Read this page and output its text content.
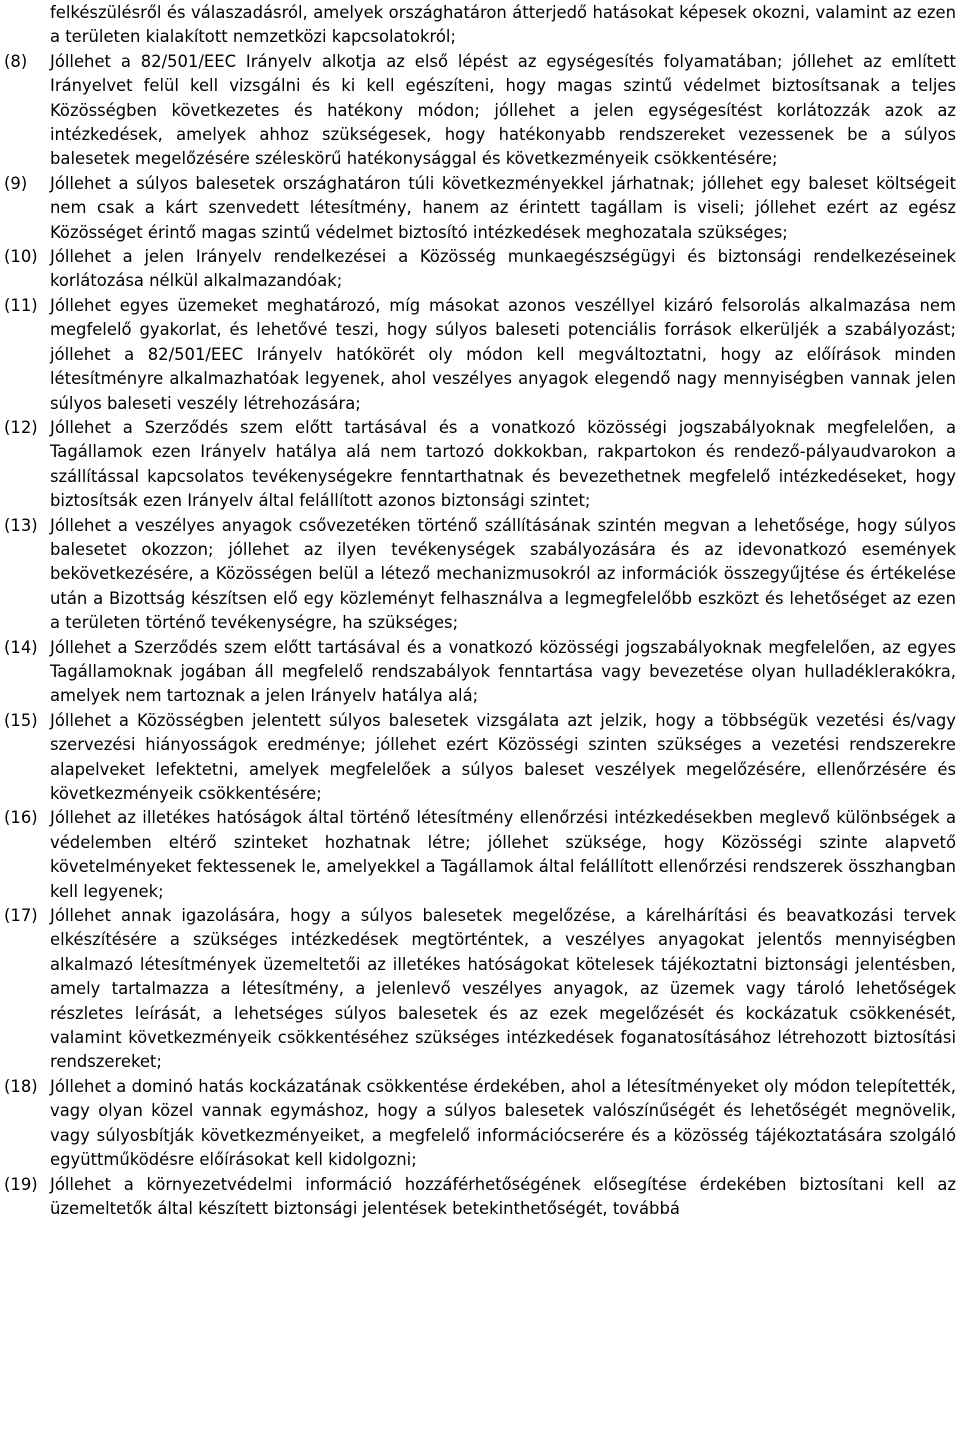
felkészülésről és válaszadásról, amelyek országhatáron átterjedő hatásokat képesek okozni, valamint az ezen a területen kialakított nemzetközi kapcsolatokról;

(8)	Jóllehet a 82/501/EEC Irányelv alkotja az első lépést az egységesítés folyamatában; jóllehet az említett Irányelvet felül kell vizsgálni és ki kell egészíteni, hogy magas szintű védelmet biztosítsanak a teljes Közösségben következetes és hatékony módon; jóllehet a jelen egységesítést korlátozzák azok az intézkedések, amelyek ahhoz szükségesek, hogy hatékonyabb rendszereket vezessenek be a súlyos balesetek megelőzésére széleskörű hatékonysággal és következményeik csökkentésére;
(9)	Jóllehet a súlyos balesetek országhatáron túli következményekkel járhatnak; jóllehet egy baleset költségeit nem csak a kárt szenvedett létesítmény, hanem az érintett tagállam is viseli; jóllehet ezért az egész Közösséget érintő magas szintű védelmet biztosító intézkedések meghozatala szükséges;
(10) Jóllehet a jelen Irányelv rendelkezései a Közösség munkaegészségügyi és biztonsági rendelkezéseinek korlátozása nélkül alkalmazandóak;
(11) Jóllehet egyes üzemeket meghatározó, míg másokat azonos veszéllyel kizáró felsorolás alkalmazása nem megfelelő gyakorlat, és lehetővé teszi, hogy súlyos baleseti potenciális források elkerüljék a szabályozást; jóllehet a 82/501/EEC Irányelv hatókörét oly módon kell megváltoztatni, hogy az előírások minden létesítményre alkalmazhatóak legyenek, ahol veszélyes anyagok elegendő nagy mennyiségben vannak jelen súlyos baleseti veszély létrehozására;
(12) Jóllehet a Szerződés szem előtt tartásával és a vonatkozó közösségi jogszabályoknak megfelelően, a Tagállamok ezen Irányelv hatálya alá nem tartozó dokkokban, rakpartokon és rendező-pályaudvarokon a szállítással kapcsolatos tevékenységekre fenntarthatnak és bevezethetnek megfelelő intézkedéseket, hogy biztosítsák ezen Irányelv által felállított azonos biztonsági szintet;
(13) Jóllehet a veszélyes anyagok csővezetéken történő szállításának szintén megvan a lehetősége, hogy súlyos balesetet okozzon; jóllehet az ilyen tevékenységek szabályozására és az idevonatkozó események bekövetkezésére, a Közösségen belül a létező mechanizmusokról az információk összegyűjtése és értékelése után a Bizottság készítsen elő egy közleményt felhasználva a legmegfelelőbb eszközt és lehetőséget az ezen a területen történő tevékenységre, ha szükséges;
(14) Jóllehet a Szerződés szem előtt tartásával és a vonatkozó közösségi jogszabályoknak megfelelően, az egyes Tagállamoknak jogában áll megfelelő rendszabályok fenntartása vagy bevezetése olyan hulladéklerakókra, amelyek nem tartoznak a jelen Irányelv hatálya alá;
(15) Jóllehet a Közösségben jelentett súlyos balesetek vizsgálata azt jelzik, hogy a többségük vezetési és/vagy szervezési hiányosságok eredménye; jóllehet ezért Közösségi szinten szükséges a vezetési rendszerekre alapelveket lefektetni, amelyek megfelelőek a súlyos baleset veszélyek megelőzésére, ellenőrzésére és következményeik csökkentésére;
(16) Jóllehet az illetékes hatóságok által történő létesítmény ellenőrzési intézkedésekben meglevő különbségek a védelemben eltérő szinteket hozhatnak létre; jóllehet szüksége, hogy Közösségi szinte alapvető követelményeket fektessenek le, amelyekkel a Tagállamok által felállított ellenőrzési rendszerek összhangban kell legyenek;
(17) Jóllehet annak igazolására, hogy a súlyos balesetek megelőzése, a kárelhárítási és beavatkozási tervek elkészítésére a szükséges intézkedések megtörténtek, a veszélyes anyagokat jelentős mennyiségben alkalmazó létesítmények üzemeltetői az illetékes hatóságokat kötelesek tájékoztatni biztonsági jelentésben, amely tartalmazza a létesítmény, a jelenlevő veszélyes anyagok, az üzemek vagy tároló lehetőségek részletes leírását, a lehetséges súlyos balesetek és az ezek megelőzését és kockázatuk csökkenését, valamint következményeik csökkentéséhez szükséges intézkedések foganatosításához létrehozott biztosítási rendszereket;
(18) Jóllehet a dominó hatás kockázatának csökkentése érdekében, ahol a létesítményeket oly módon telepítették, vagy olyan közel vannak egymáshoz, hogy a súlyos balesetek valószínűségét és lehetőségét megnövelik, vagy súlyosbítják következményeiket, a megfelelő információcserére és a közösség tájékoztatására szolgáló együttműködésre előírásokat kell kidolgozni;
(19) Jóllehet a környezetvédelmi információ hozzáférhetőségének elősegítése érdekében biztosítani kell az üzemeltetők által készített biztonsági jelentések betekinthetőségét, továbbá
